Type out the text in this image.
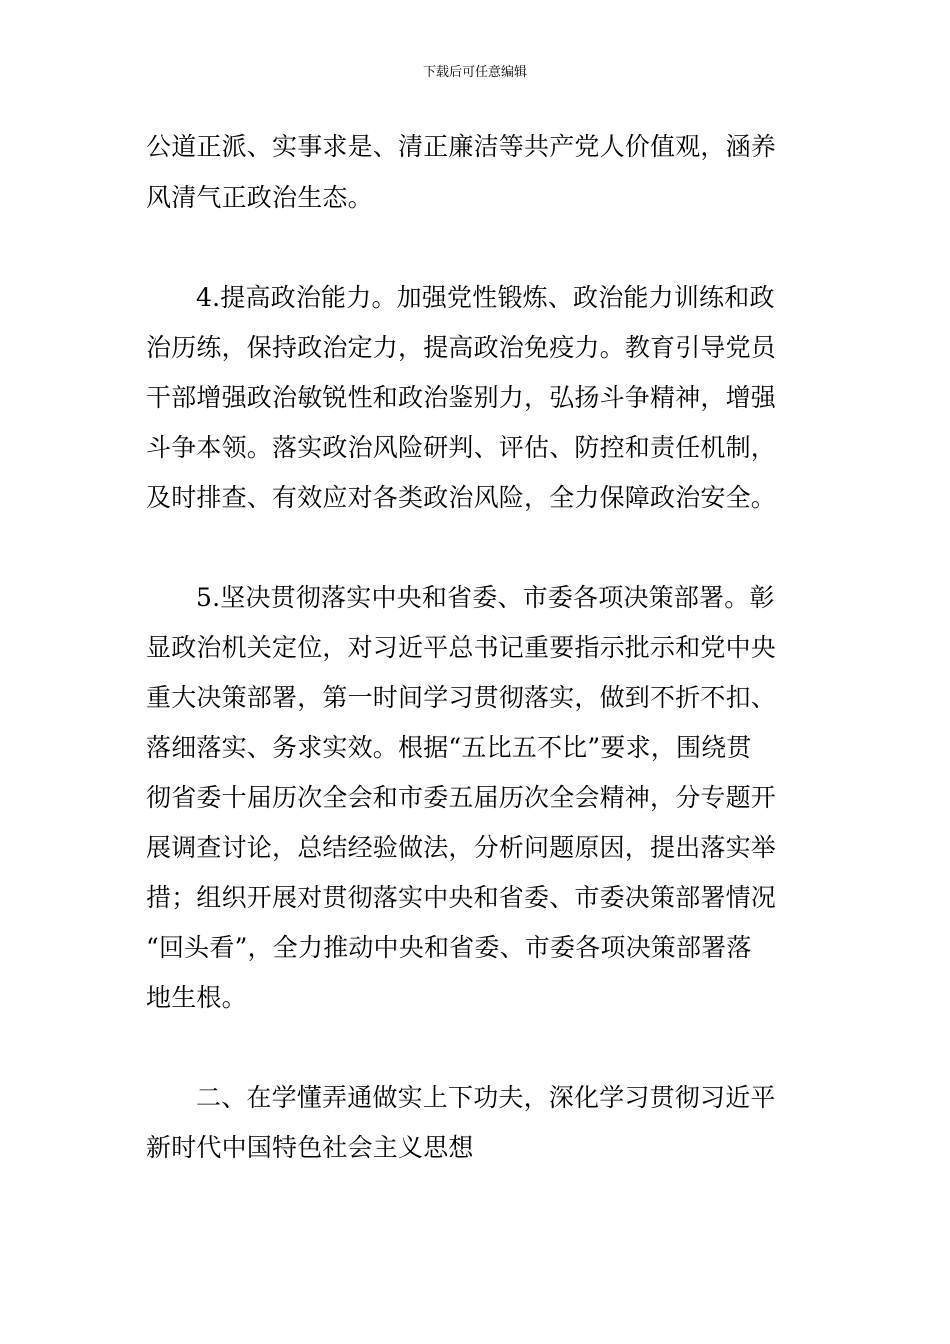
下载后可任意编辑
公道正派、实事求是、清正廉洁等共产党人价值观，涵养
风清气正政治生态。
4.提高政治能力。加强党性锻炼、政治能力训练和政
治历练，保持政治定力，提高政治免疫力。教育引导党员
干部增强政治敏锐性和政治鉴别力，弘扬斗争精神，增强
斗争本领。落实政治风险研判、评估、防控和责任机制，
及时排查、有效应对各类政治风险，全力保障政治安全。
5.坚决贯彻落实中央和省委、市委各项决策部署。彰
显政治机关定位，对习近平总书记重要指示批示和党中央
重大决策部署，第一时间学习贯彻落实，做到不折不扣、
落细落实、务求实效。根据“五比五不比”要求，围绕贯
彻省委十届历次全会和市委五届历次全会精神，分专题开
展调查讨论，总结经验做法，分析问题原因，提出落实举
措；组织开展对贯彻落实中央和省委、市委决策部署情况
“回头看”，全力推动中央和省委、市委各项决策部署落
地生根。
二、在学懂弄通做实上下功夫，深化学习贯彻习近平
新时代中国特色社会主义思想
